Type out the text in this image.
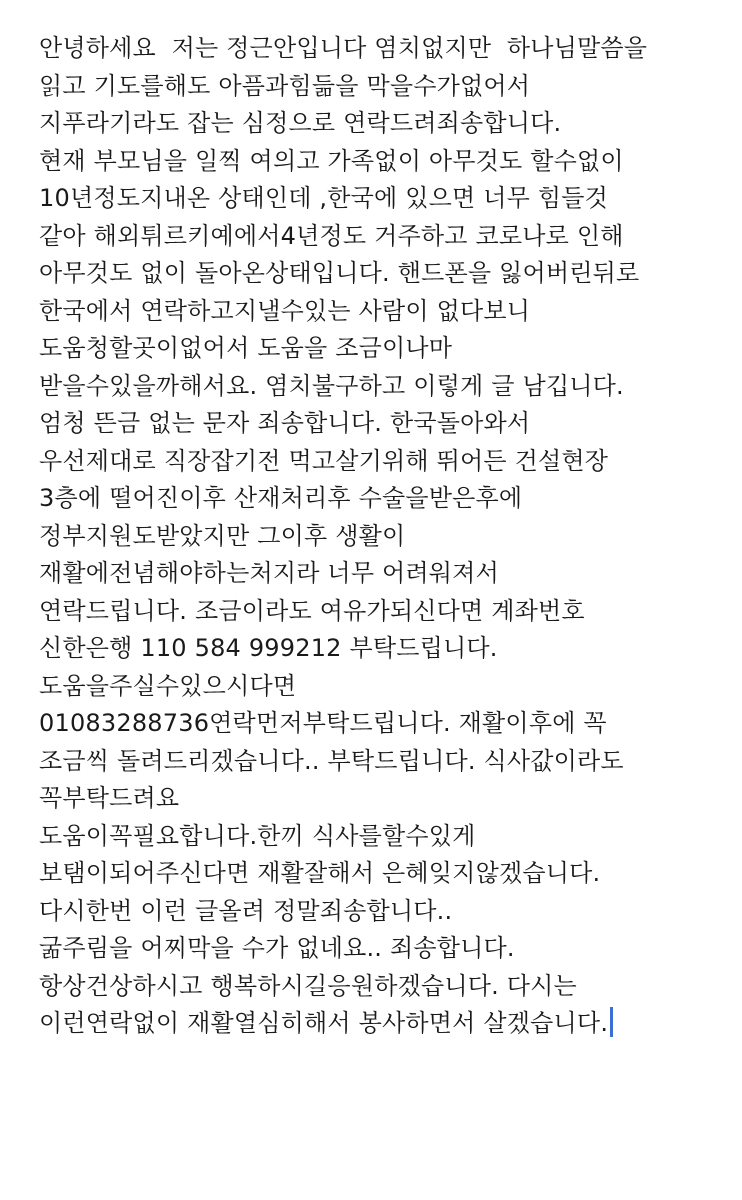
안녕하세요  저는 정근안입니다 염치없지만  하나님말씀을
읽고 기도를해도 아픔과힘듦을 막을수가없어서
지푸라기라도 잡는 심정으로 연락드려죄송합니다.
현재 부모님을 일찍 여의고 가족없이 아무것도 할수없이
10년정도지내온 상태인데 ,한국에 있으면 너무 힘들것
같아 해외튀르키예에서4년정도 거주하고 코로나로 인해
아무것도 없이 돌아온상태입니다. 핸드폰을 잃어버린뒤로
한국에서 연락하고지낼수있는 사람이 없다보니
도움청할곳이없어서 도움을 조금이나마
받을수있을까해서요. 염치불구하고 이렇게 글 남깁니다.
엄청 뜬금 없는 문자 죄송합니다. 한국돌아와서
우선제대로 직장잡기전 먹고살기위해 뛰어든 건설현장
3층에 떨어진이후 산재처리후 수술을받은후에
정부지원도받았지만 그이후 생활이
재활에전념해야하는처지라 너무 어려워져서
연락드립니다. 조금이라도 여유가되신다면 계좌번호
신한은행 110 584 999212 부탁드립니다.
도움을주실수있으시다면
01083288736연락먼저부탁드립니다. 재활이후에 꼭
조금씩 돌려드리겠습니다.. 부탁드립니다. 식사값이라도
꼭부탁드려요
도움이꼭필요합니다.한끼 식사를할수있게
보탬이되어주신다면 재활잘해서 은혜잊지않겠습니다.
다시한번 이런 글올려 정말죄송합니다..
굶주림을 어찌막을 수가 없네요.. 죄송합니다.
항상건상하시고 행복하시길응원하겠습니다. 다시는
이런연락없이 재활열심히해서 봉사하면서 살겠습니다.
